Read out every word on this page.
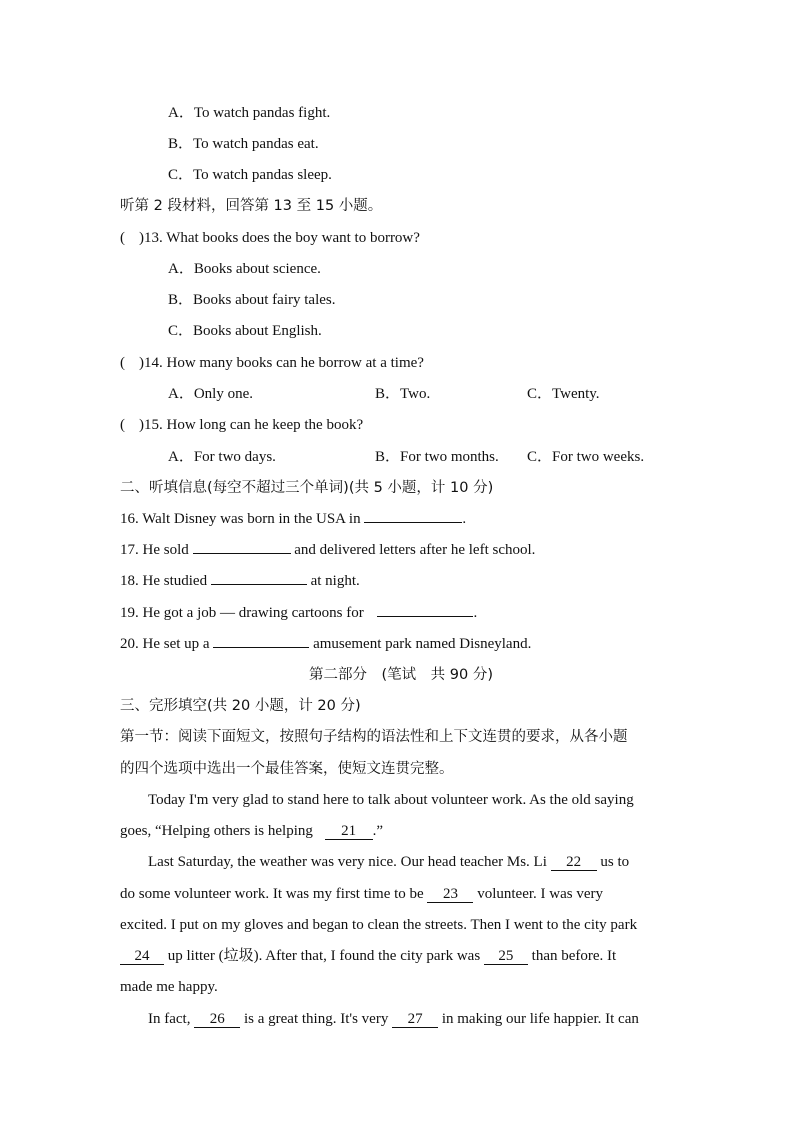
A．To watch pandas fight.
B．To watch pandas eat.
C．To watch pandas sleep.
听第 2 段材料，回答第 13 至 15 小题。
( )13. What books does the boy want to borrow?
A．Books about science.
B．Books about fairy tales.
C．Books about English.
( )14. How many books can he borrow at a time?
A．Only one.	B．Two.	C．Twenty.
( )15. How long can he keep the book?
A．For two days.	B．For two months. C．For two weeks.
二、听填信息(每空不超过三个单词)(共 5 小题，计 10 分)
16. Walt Disney was born in the USA in	.
17. He sold	and delivered letters after he left school.
18. He studied	at night.
19. He got a job — drawing cartoons for	.
20. He set up a	amusement park named Disneyland.
第二部分　(笔试　共 90 分)
三、完形填空(共 20 小题，计 20 分)
第一节：阅读下面短文，按照句子结构的语法性和上下文连贯的要求，从各小题
的四个选项中选出一个最佳答案，使短文连贯完整。
Today I'm very glad to stand here to talk about volunteer work. As the old saying
goes, “Helping others is helping 21 .”
Last Saturday, the weather was very nice. Our head teacher Ms. Li 22 us to
do some volunteer work. It was my first time to be 23 volunteer. I was very
excited. I put on my gloves and began to clean the streets. Then I went to the city park
24 up litter (垃圾). After that, I found the city park was 25 than before. It
made me happy.
In fact, 26 is a great thing. It's very 27 in making our life happier. It can
